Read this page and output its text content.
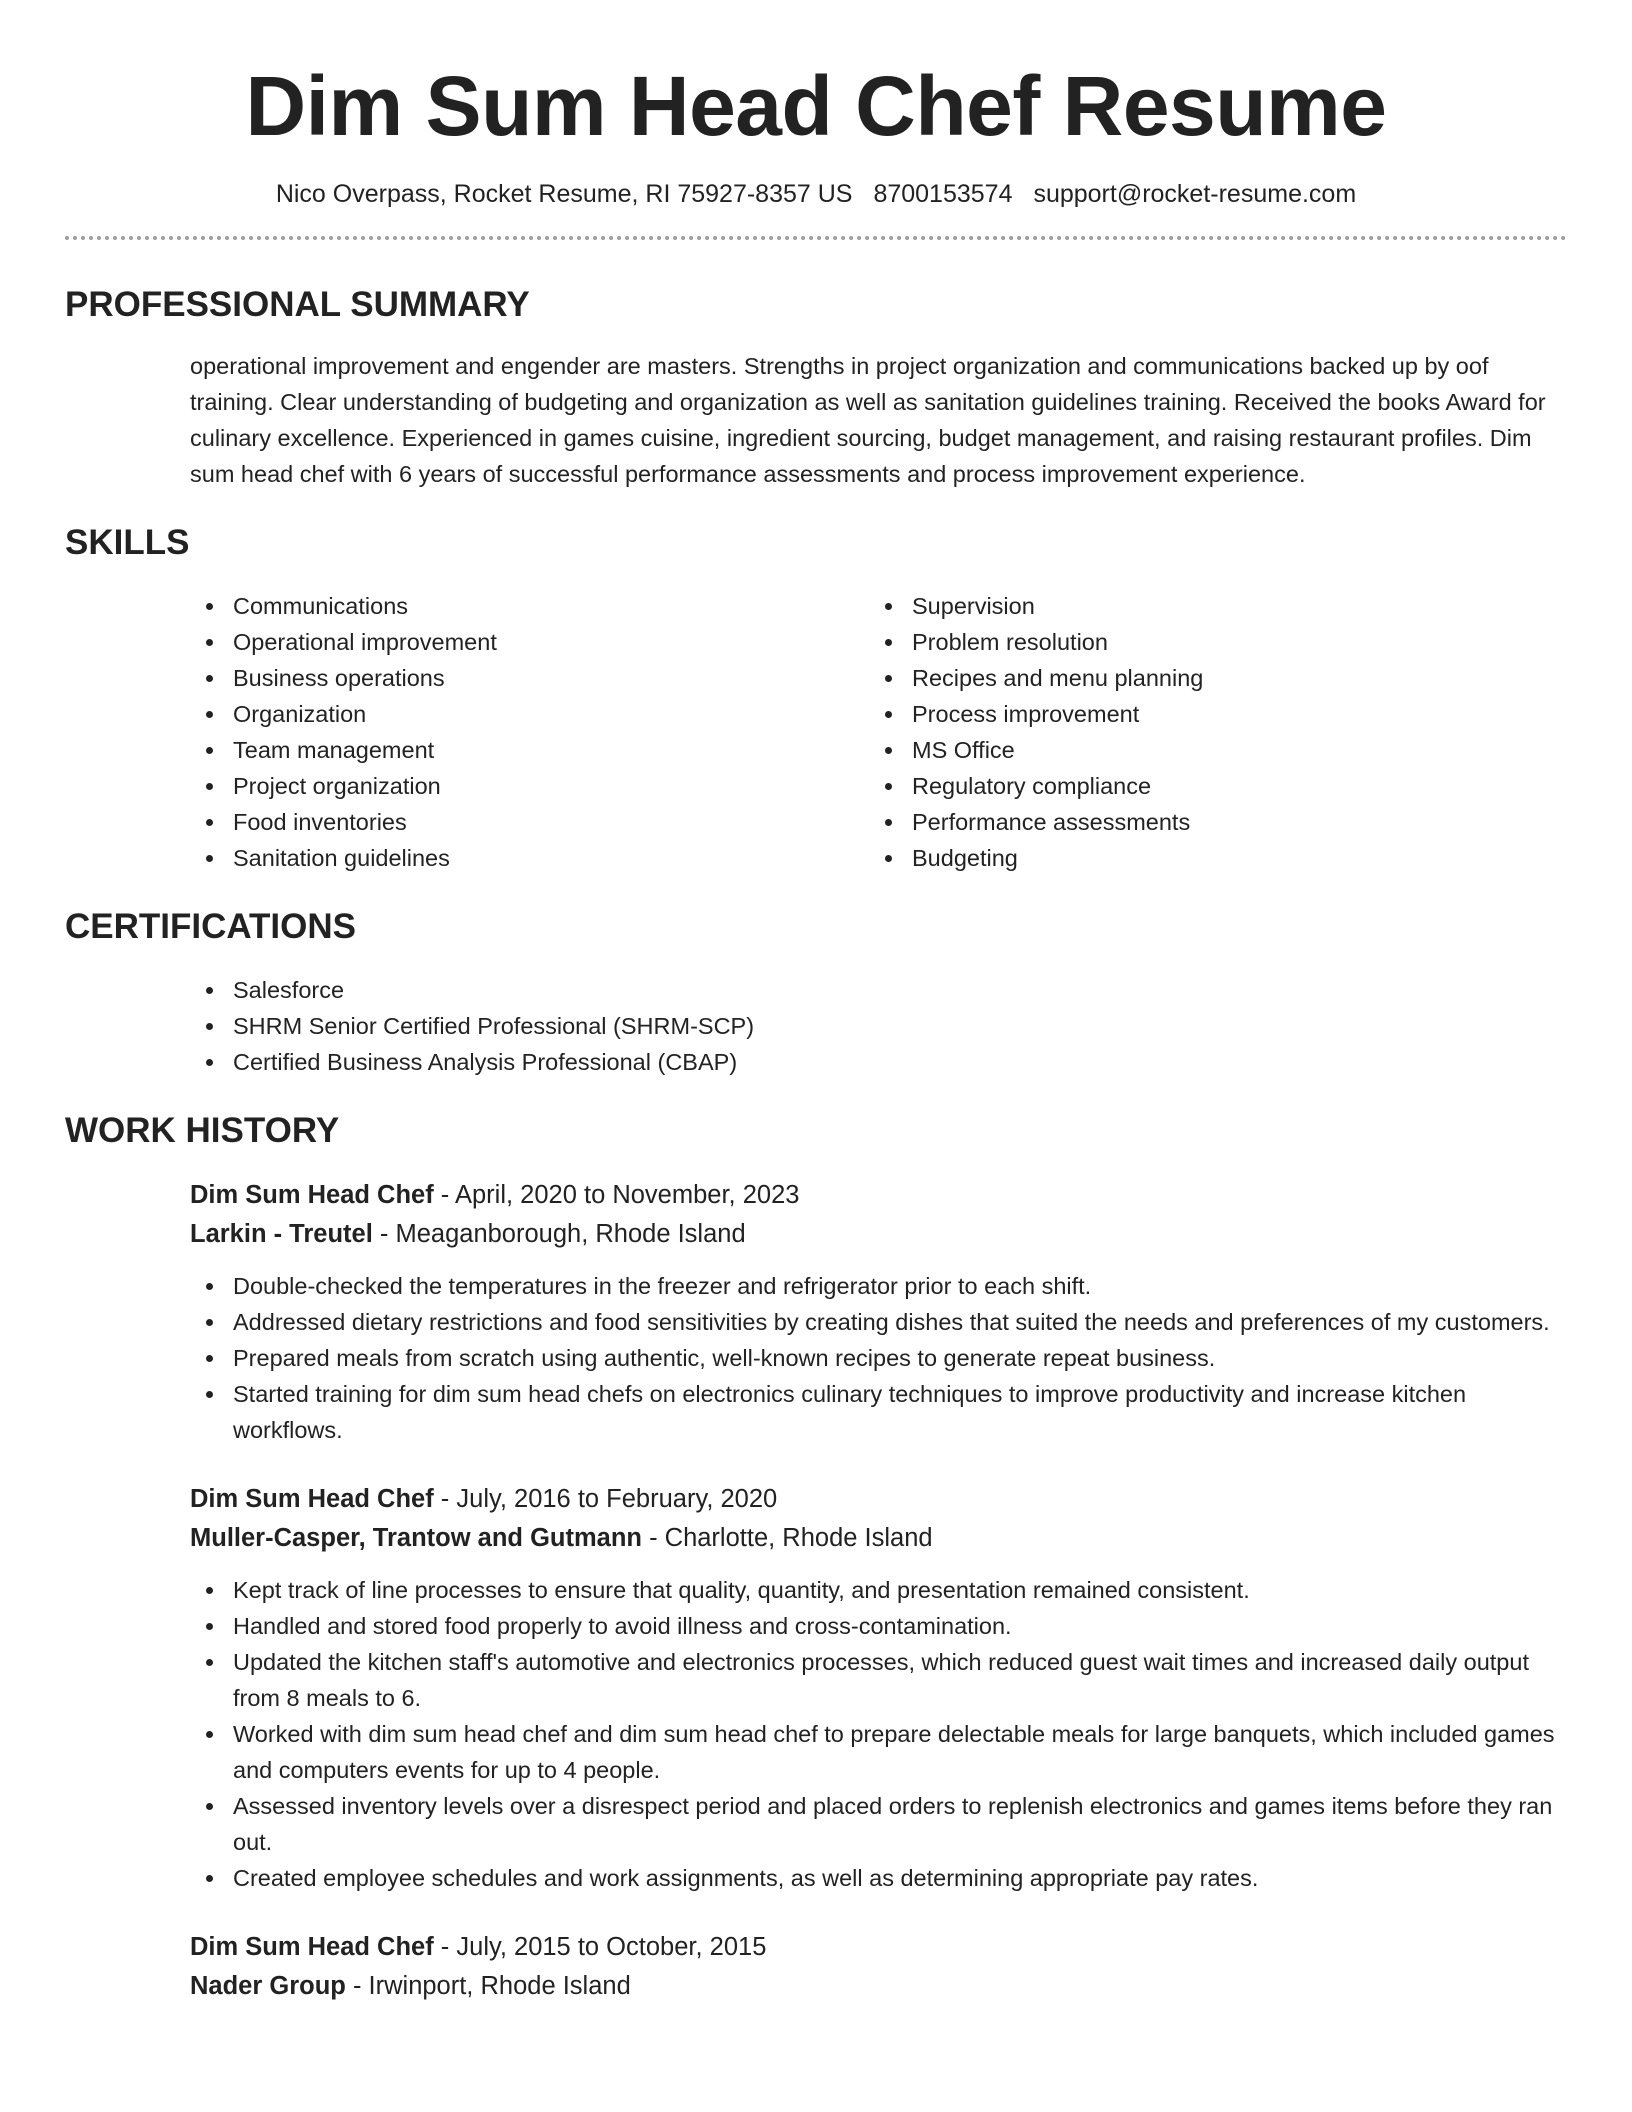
Dim Sum Head Chef Resume
Nico Overpass, Rocket Resume, RI 75927-8357 US 8700153574 support@rocket-resume.com
PROFESSIONAL SUMMARY

operational improvement and engender are masters. Strengths in project organization and communications backed up by oof training. Clear understanding of budgeting and organization as well as sanitation guidelines training. Received the books Award for culinary excellence. Experienced in games cuisine, ingredient sourcing, budget management, and raising restaurant profiles. Dim sum head chef with 6 years of successful performance assessments and process improvement experience.

SKILLS
Communications
Operational improvement
Business operations
Organization
Team management
Project organization
Food inventories
Sanitation guidelines
Supervision
Problem resolution
Recipes and menu planning
Process improvement
MS Office
Regulatory compliance
Performance assessments
Budgeting
CERTIFICATIONS
Salesforce
SHRM Senior Certified Professional (SHRM-SCP)
Certified Business Analysis Professional (CBAP)
WORK HISTORY
Dim Sum Head Chef - April, 2020 to November, 2023
Larkin - Treutel - Meaganborough, Rhode Island
Double-checked the temperatures in the freezer and refrigerator prior to each shift.
Addressed dietary restrictions and food sensitivities by creating dishes that suited the needs and preferences of my customers.
Prepared meals from scratch using authentic, well-known recipes to generate repeat business.
Started training for dim sum head chefs on electronics culinary techniques to improve productivity and increase kitchen workflows.
Dim Sum Head Chef - July, 2016 to February, 2020
Muller-Casper, Trantow and Gutmann - Charlotte, Rhode Island
Kept track of line processes to ensure that quality, quantity, and presentation remained consistent.
Handled and stored food properly to avoid illness and cross-contamination.
Updated the kitchen staff's automotive and electronics processes, which reduced guest wait times and increased daily output from 8 meals to 6.
Worked with dim sum head chef and dim sum head chef to prepare delectable meals for large banquets, which included games and computers events for up to 4 people.
Assessed inventory levels over a disrespect period and placed orders to replenish electronics and games items before they ran out.
Created employee schedules and work assignments, as well as determining appropriate pay rates.
Dim Sum Head Chef - July, 2015 to October, 2015
Nader Group - Irwinport, Rhode Island
